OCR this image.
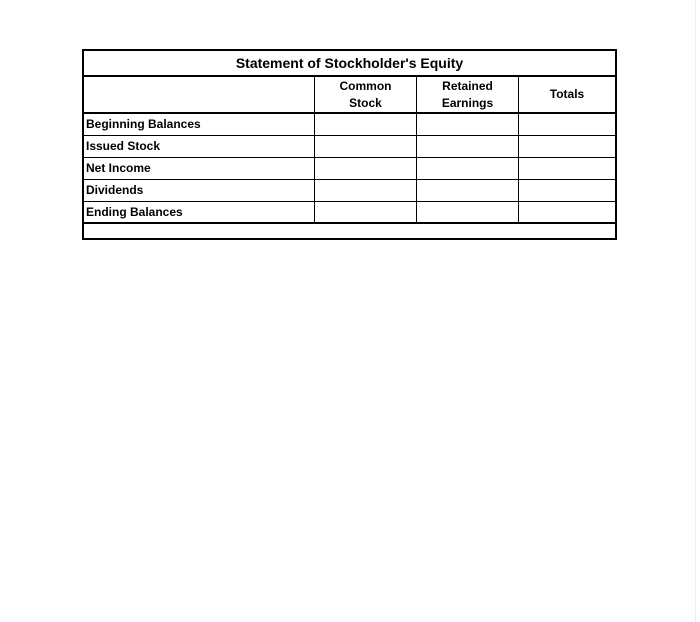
Statement of Stockholder's Equity
Common
Stock
Retained
Earnings
Totals
Beginning Balances
Issued Stock
Net Income
Dividends
Ending Balances
